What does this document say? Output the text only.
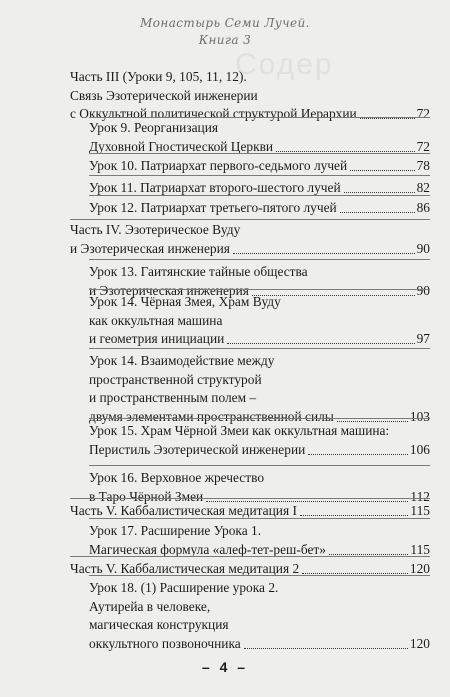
Монастырь Семи Лучей.
Книга 3
Содер
Часть III (Уроки 9, 105, 11, 12).
Связь Эзотерической инженерии
с Оккультной политической структурой Иерархии	72
Урок 9. Реорганизация
Духовной Гностической Церкви	72
Урок 10. Патриархат первого-седьмого лучей	78
Урок 11. Патриархат второго-шестого лучей	82
Урок 12. Патриархат третьего-пятого лучей	86
Часть IV. Эзотерическое Вуду
и Эзотерическая инженерия	90
Урок 13. Гаитянские тайные общества
и Эзотерическая инженерия	90
Урок 14. Чёрная Змея, Храм Вуду
как оккультная машина
и геометрия инициации	97
Урок 14. Взаимодействие между
пространственной структурой
и пространственным полем –
двумя элементами пространственной силы	103
Урок 15. Храм Чёрной Змеи как оккультная машина:
Перистиль Эзотерической инженерии	106
Урок 16. Верховное жречество
в Таро Чёрной Змеи	112
Часть V. Каббалистическая медитация I	115
Урок 17. Расширение Урока 1.
Магическая формула «алеф-тет-реш-бет»	115
Часть V. Каббалистическая медитация 2	120
Урок 18. (1) Расширение урока 2.
Аутирейа в человеке,
магическая конструкция
оккультного позвоночника	120
– 4 –
